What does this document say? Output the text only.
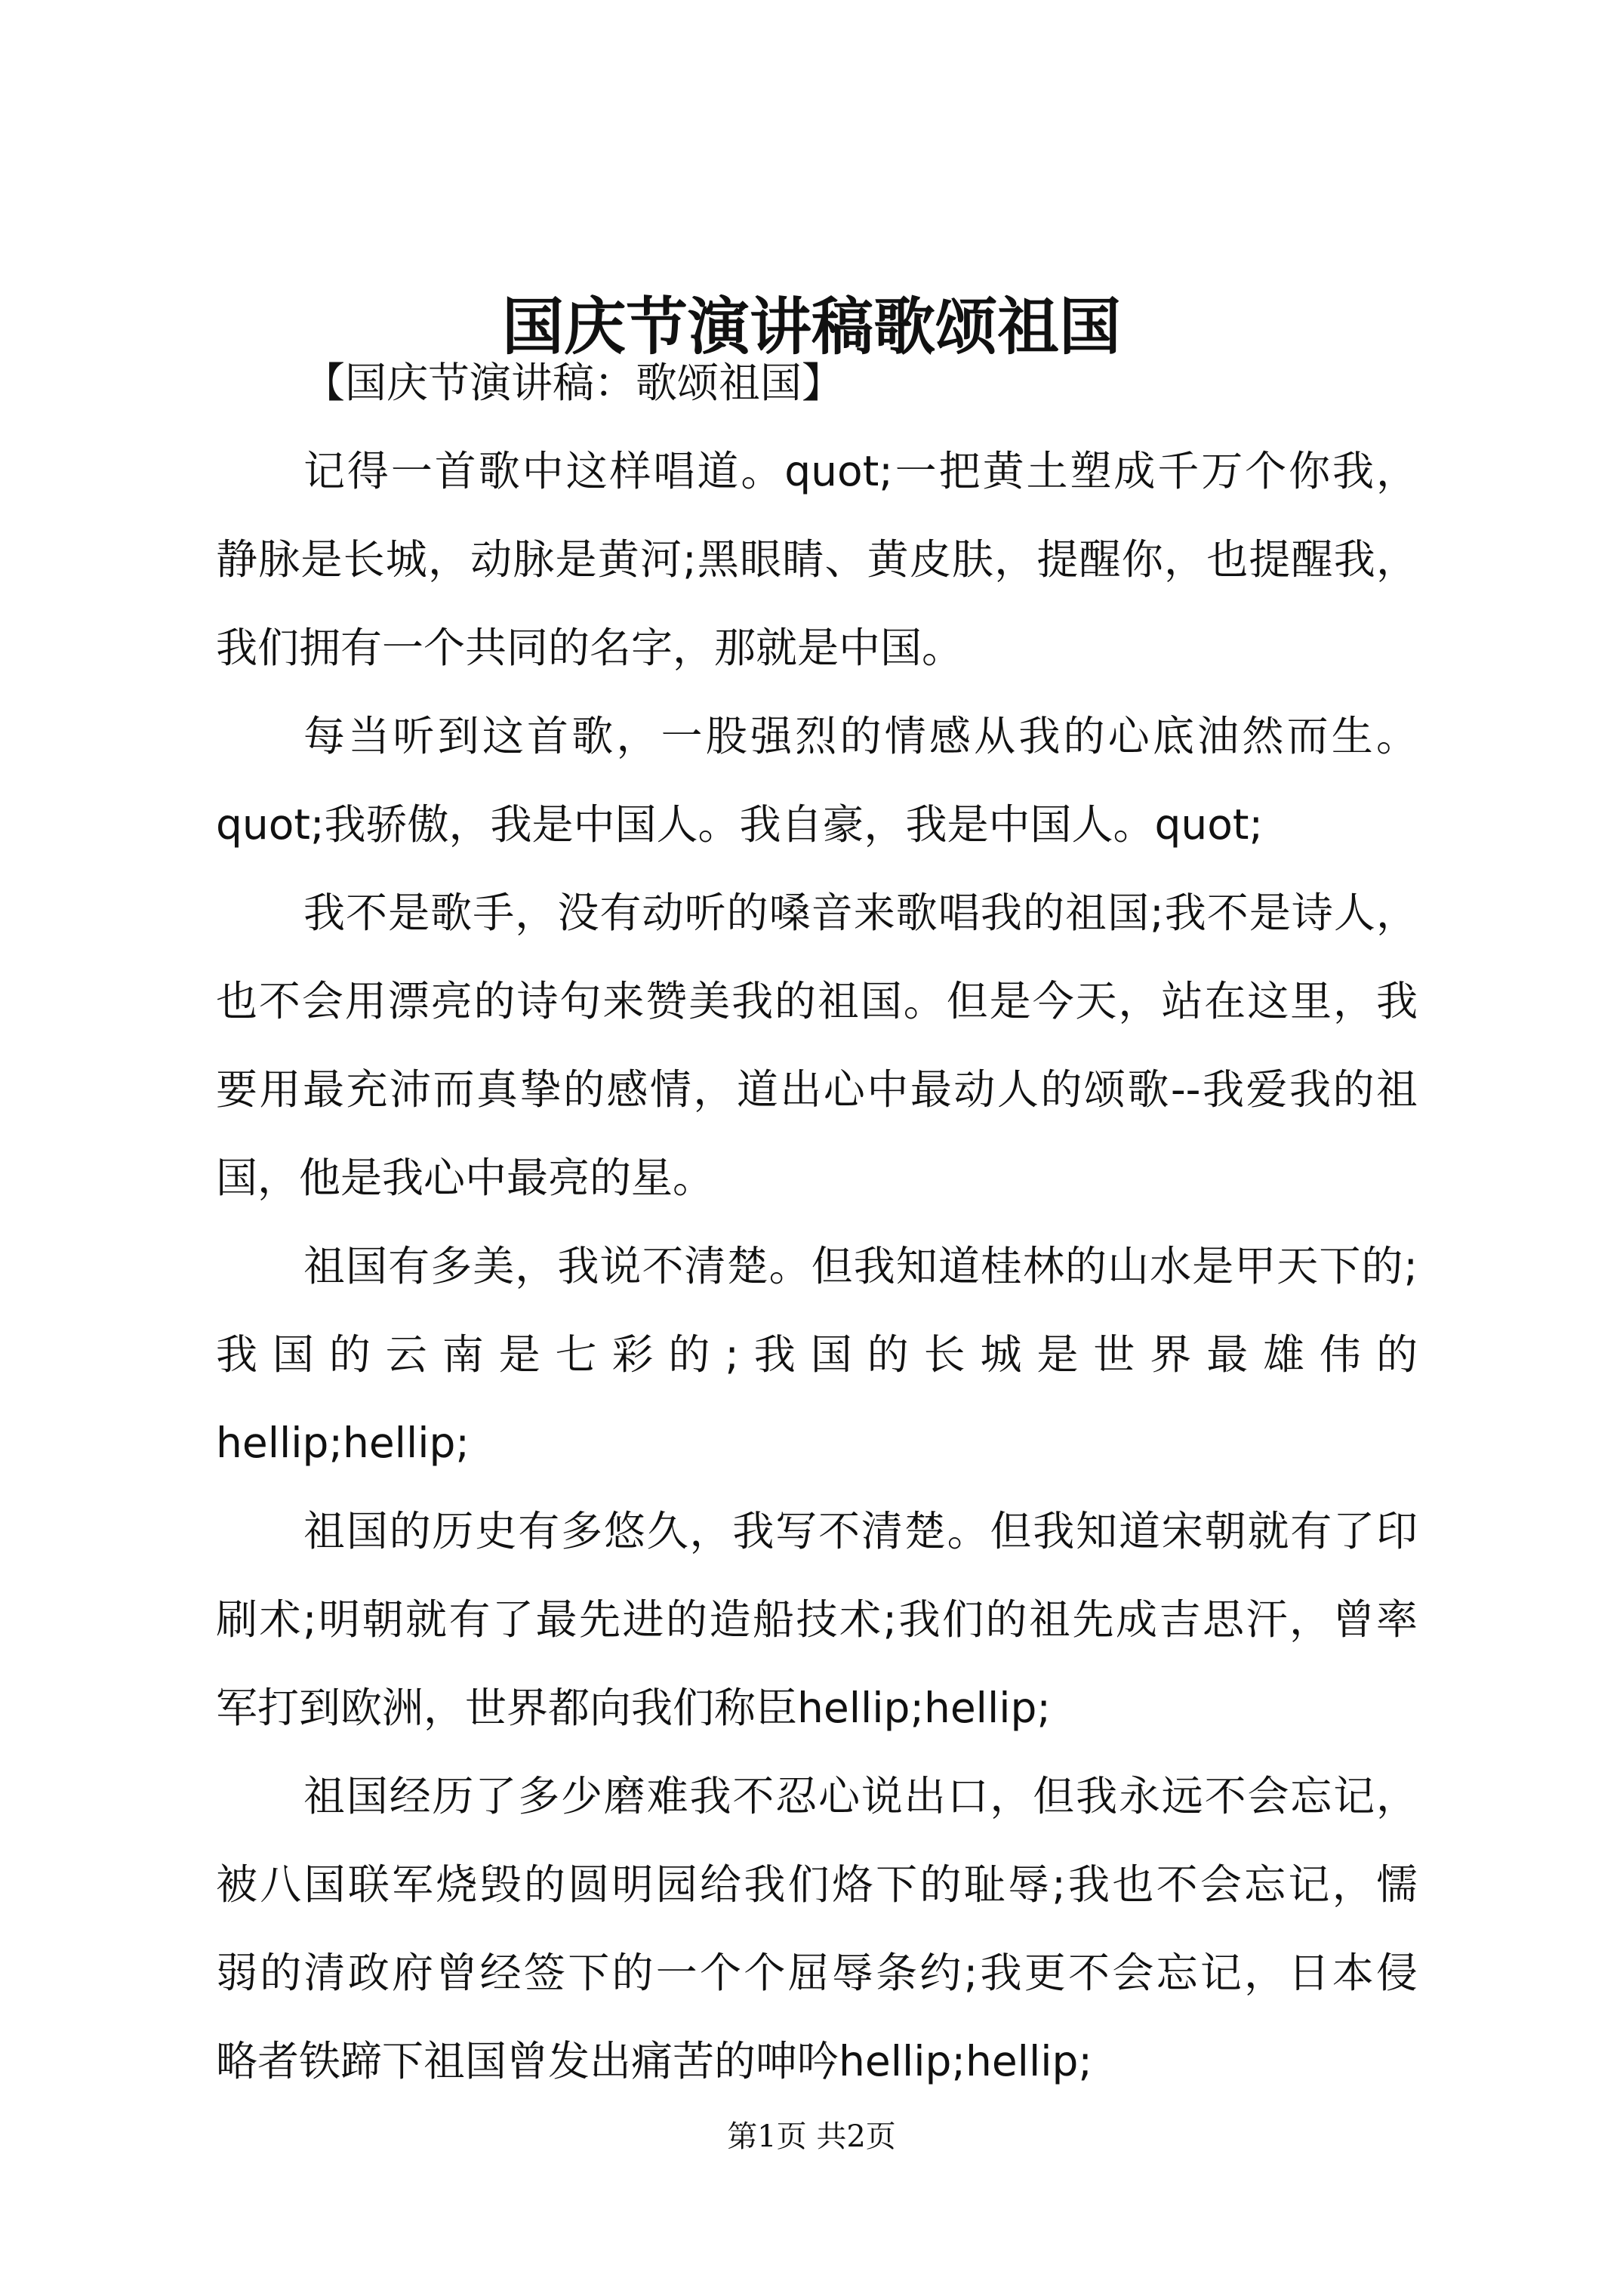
国庆节演讲稿歌颂祖国
【国庆节演讲稿：歌颂祖国】
记得一首歌中这样唱道。quot;一把黄土塑成千万个你我，
静脉是长城，动脉是黄河;黑眼睛、黄皮肤，提醒你，也提醒我，
我们拥有一个共同的名字，那就是中国。
每当听到这首歌，一股强烈的情感从我的心底油然而生。
quot;我骄傲，我是中国人。我自豪，我是中国人。quot;
我不是歌手，没有动听的嗓音来歌唱我的祖国;我不是诗人，
也不会用漂亮的诗句来赞美我的祖国。但是今天，站在这里，我
要用最充沛而真挚的感情，道出心中最动人的颂歌--我爱我的祖
国，他是我心中最亮的星。
祖国有多美，我说不清楚。但我知道桂林的山水是甲天下的;
我国的云南是七彩的;我国的长城是世界最雄伟的
hellip;hellip;
祖国的历史有多悠久，我写不清楚。但我知道宋朝就有了印
刷术;明朝就有了最先进的造船技术;我们的祖先成吉思汗，曾率
军打到欧洲，世界都向我们称臣hellip;hellip;
祖国经历了多少磨难我不忍心说出口，但我永远不会忘记，
被八国联军烧毁的圆明园给我们烙下的耻辱;我也不会忘记，懦
弱的清政府曾经签下的一个个屈辱条约;我更不会忘记，日本侵
略者铁蹄下祖国曾发出痛苦的呻吟hellip;hellip;
第1页 共2页
